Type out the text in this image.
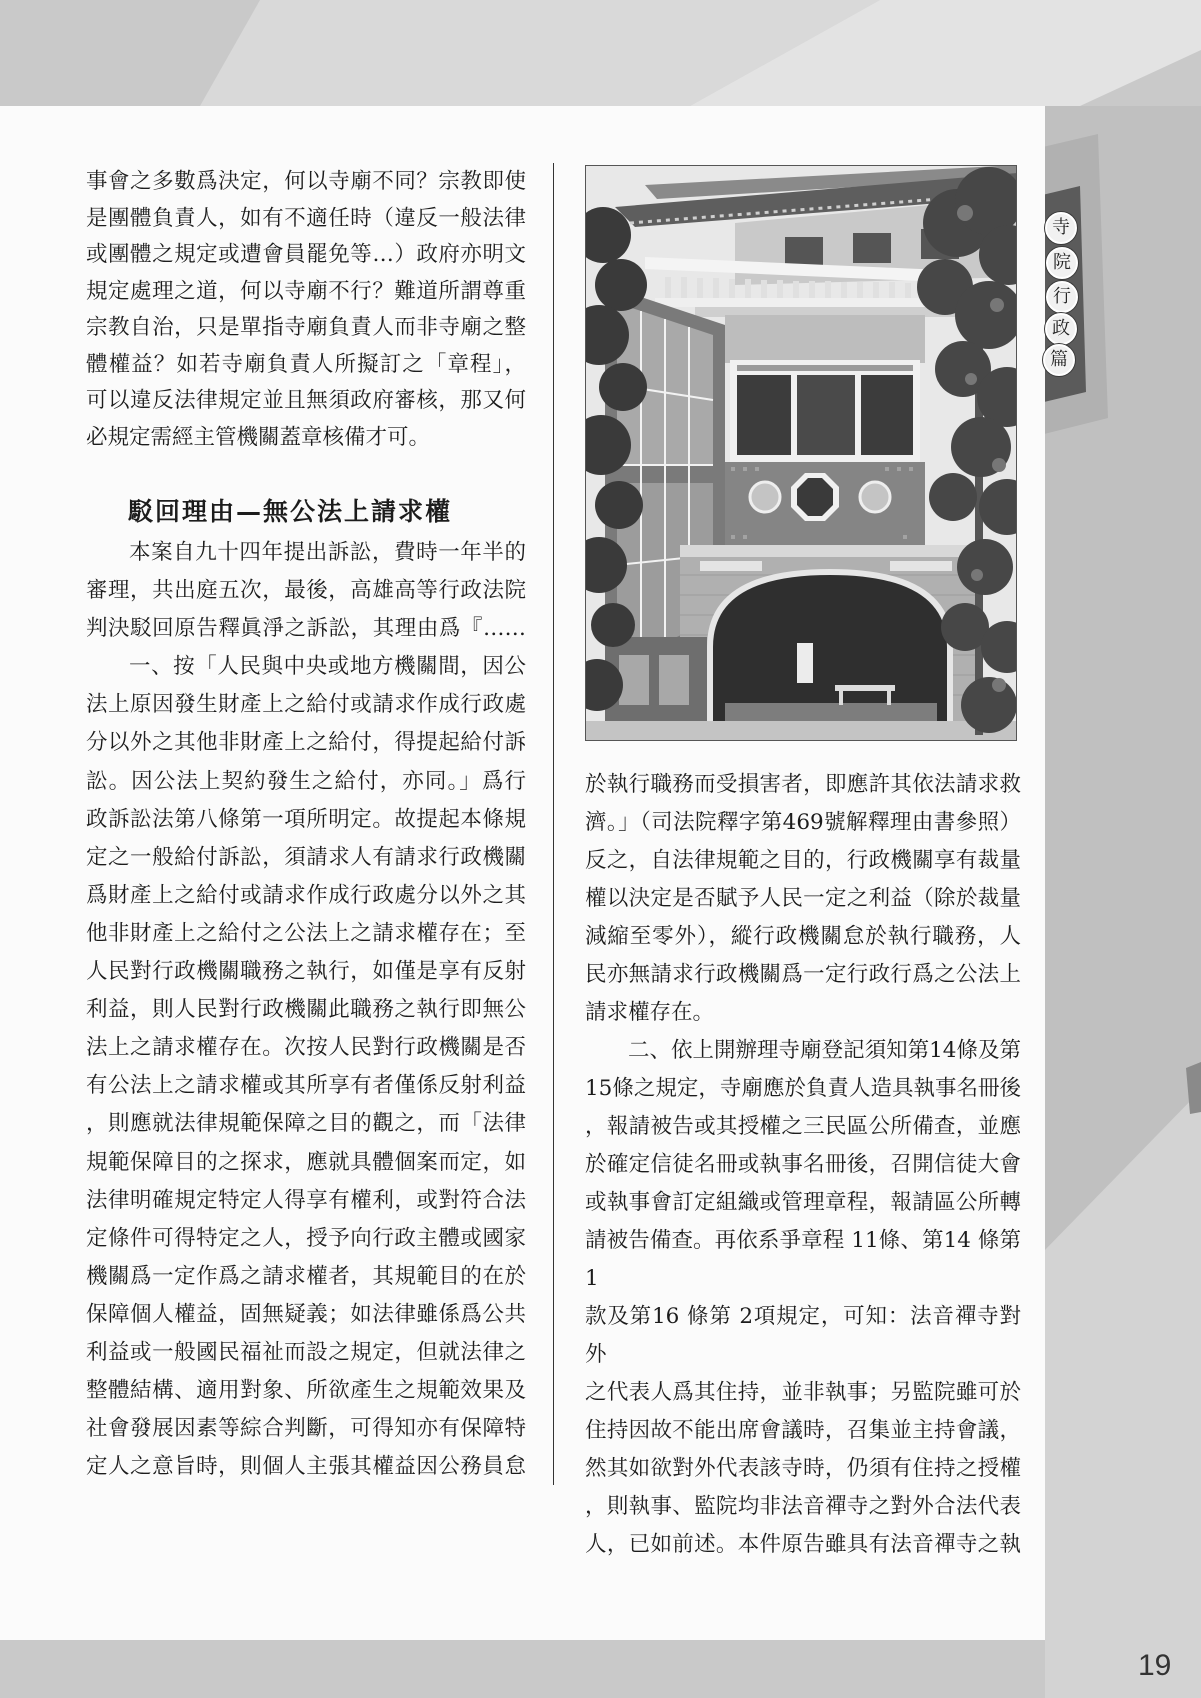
寺
院
行
政
篇
事會之多數爲決定，何以寺廟不同？宗教即使
是團體負責人，如有不適任時（違反一般法律
或團體之規定或遭會員罷免等…）政府亦明文
規定處理之道，何以寺廟不行？難道所謂尊重
宗教自治，只是單指寺廟負責人而非寺廟之整
體權益？如若寺廟負責人所擬訂之「章程」，
可以違反法律規定並且無須政府審核，那又何
必規定需經主管機關蓋章核備才可。
駁回理由—無公法上請求權
本案自九十四年提出訴訟，費時一年半的
審理，共出庭五次，最後，高雄高等行政法院
判決駁回原告釋眞淨之訴訟，其理由爲『……
一、按「人民與中央或地方機關間，因公
法上原因發生財產上之給付或請求作成行政處
分以外之其他非財產上之給付，得提起給付訴
訟。因公法上契約發生之給付，亦同。」爲行
政訴訟法第八條第一項所明定。故提起本條規
定之一般給付訴訟，須請求人有請求行政機關
爲財產上之給付或請求作成行政處分以外之其
他非財產上之給付之公法上之請求權存在；至
人民對行政機關職務之執行，如僅是享有反射
利益，則人民對行政機關此職務之執行即無公
法上之請求權存在。次按人民對行政機關是否
有公法上之請求權或其所享有者僅係反射利益
，則應就法律規範保障之目的觀之，而「法律
規範保障目的之探求，應就具體個案而定，如
法律明確規定特定人得享有權利，或對符合法
定條件可得特定之人，授予向行政主體或國家
機關爲一定作爲之請求權者，其規範目的在於
保障個人權益，固無疑義；如法律雖係爲公共
利益或一般國民福祉而設之規定，但就法律之
整體結構、適用對象、所欲產生之規範效果及
社會發展因素等綜合判斷，可得知亦有保障特
定人之意旨時，則個人主張其權益因公務員怠
於執行職務而受損害者，即應許其依法請求救
濟。」（司法院釋字第469號解釋理由書參照）
反之，自法律規範之目的，行政機關享有裁量
權以決定是否賦予人民一定之利益（除於裁量
減縮至零外），縱行政機關怠於執行職務，人
民亦無請求行政機關爲一定行政行爲之公法上
請求權存在。
二、依上開辦理寺廟登記須知第14條及第
15條之規定，寺廟應於負責人造具執事名冊後
，報請被告或其授權之三民區公所備查，並應
於確定信徒名冊或執事名冊後，召開信徒大會
或執事會訂定組織或管理章程，報請區公所轉
請被告備查。再依系爭章程 11條、第14 條第1
款及第16 條第 2項規定，可知：法音禪寺對外
之代表人爲其住持，並非執事；另監院雖可於
住持因故不能出席會議時，召集並主持會議，
然其如欲對外代表該寺時，仍須有住持之授權
，則執事、監院均非法音禪寺之對外合法代表
人，已如前述。本件原告雖具有法音禪寺之執
19
